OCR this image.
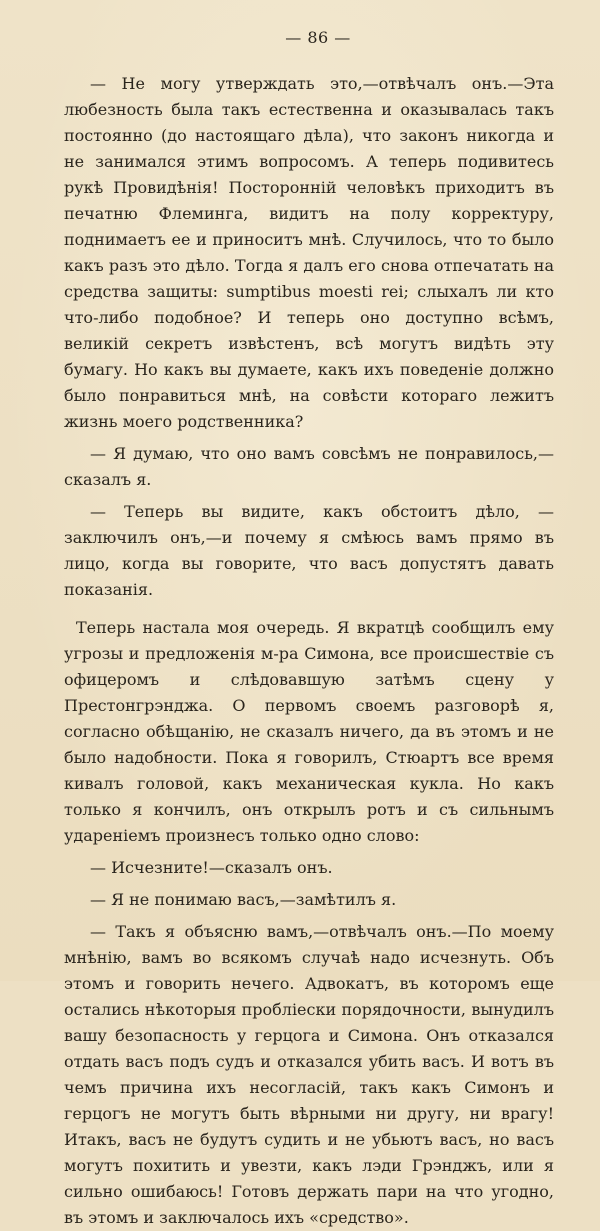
— 86 —

— Не могу утверждать это,—отвѣчалъ онъ.—Эта любезность была такъ естественна и оказывалась такъ постоянно (до настоящаго дѣла), что законъ никогда и не занимался этимъ вопросомъ. А теперь подивитесь рукѣ Провидѣнія! Посторонній человѣкъ приходитъ въ печатню Флеминга, видитъ на полу корректуру, поднимаетъ ее и приноситъ мнѣ. Случилось, что то было какъ разъ это дѣло. Тогда я далъ его снова отпечатать на средства защиты: sumptibus moesti rei; слыхалъ ли кто что-либо подобное? И теперь оно доступно всѣмъ, великій секретъ извѣстенъ, всѣ могутъ видѣть эту бумагу. Но какъ вы думаете, какъ ихъ поведеніе должно было понравиться мнѣ, на совѣсти котораго лежитъ жизнь моего родственника?

— Я думаю, что оно вамъ совсѣмъ не понравилось,—сказалъ я.

— Теперь вы видите, какъ обстоитъ дѣло, — заключилъ онъ,—и почему я смѣюсь вамъ прямо въ лицо, когда вы говорите, что васъ допустятъ давать показанія.

Теперь настала моя очередь. Я вкратцѣ сообщилъ ему угрозы и предложенія м-ра Симона, все происшествіе съ офицеромъ и слѣдовавшую затѣмъ сцену у Престонгрэнджа. О первомъ своемъ разговорѣ я, согласно обѣщанію, не сказалъ ничего, да въ этомъ и не было надобности. Пока я говорилъ, Стюартъ все время кивалъ головой, какъ механическая кукла. Но какъ только я кончилъ, онъ открылъ ротъ и съ сильнымъ удареніемъ произнесъ только одно слово:

— Исчезните!—сказалъ онъ.

— Я не понимаю васъ,—замѣтилъ я.

— Такъ я объясню вамъ,—отвѣчалъ онъ.—По моему мнѣнію, вамъ во всякомъ случаѣ надо исчезнуть. Объ этомъ и говорить нечего. Адвокатъ, въ которомъ еще остались нѣкоторыя пробліески порядочности, вынудилъ вашу безопасность у герцога и Симона. Онъ отказался отдать васъ подъ судъ и отказался убить васъ. И вотъ въ чемъ причина ихъ несогласій, такъ какъ Симонъ и герцогъ не могутъ быть вѣрными ни другу, ни врагу! Итакъ, васъ не будутъ судить и не убьютъ васъ, но васъ могутъ похитить и увезти, какъ лэди Грэнджъ, или я сильно ошибаюсь! Готовъ держать пари на что угодно, въ этомъ и заключалось ихъ «средство».
